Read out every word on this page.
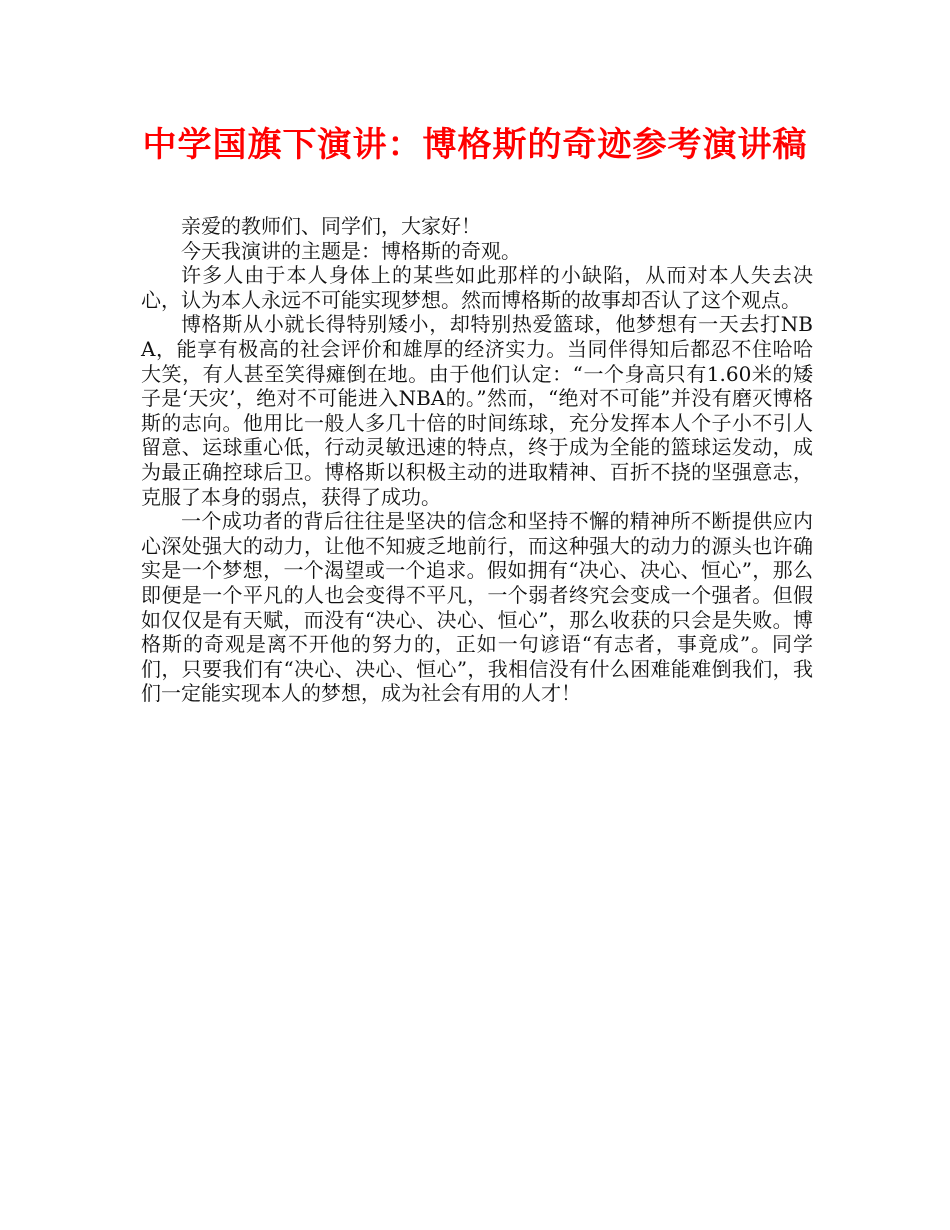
中学国旗下演讲：博格斯的奇迹参考演讲稿

亲爱的教师们、同学们，大家好！

今天我演讲的主题是：博格斯的奇观。

许多人由于本人身体上的某些如此那样的小缺陷，从而对本人失去决心，认为本人永远不可能实现梦想。然而博格斯的故事却否认了这个观点。

博格斯从小就长得特别矮小，却特别热爱篮球，他梦想有一天去打NBA，能享有极高的社会评价和雄厚的经济实力。当同伴得知后都忍不住哈哈大笑，有人甚至笑得瘫倒在地。由于他们认定：“一个身高只有1.60米的矮子是‘天灾’，绝对不可能进入NBA的。”然而，“绝对不可能”并没有磨灭博格斯的志向。他用比一般人多几十倍的时间练球，充分发挥本人个子小不引人留意、运球重心低，行动灵敏迅速的特点，终于成为全能的篮球运发动，成为最正确控球后卫。博格斯以积极主动的进取精神、百折不挠的坚强意志，克服了本身的弱点，获得了成功。

一个成功者的背后往往是坚决的信念和坚持不懈的精神所不断提供应内心深处强大的动力，让他不知疲乏地前行，而这种强大的动力的源头也许确实是一个梦想，一个渴望或一个追求。假如拥有“决心、决心、恒心”，那么即便是一个平凡的人也会变得不平凡，一个弱者终究会变成一个强者。但假如仅仅是有天赋，而没有“决心、决心、恒心”，那么收获的只会是失败。博格斯的奇观是离不开他的努力的，正如一句谚语“有志者，事竟成”。同学们，只要我们有“决心、决心、恒心”，我相信没有什么困难能难倒我们，我们一定能实现本人的梦想，成为社会有用的人才！
